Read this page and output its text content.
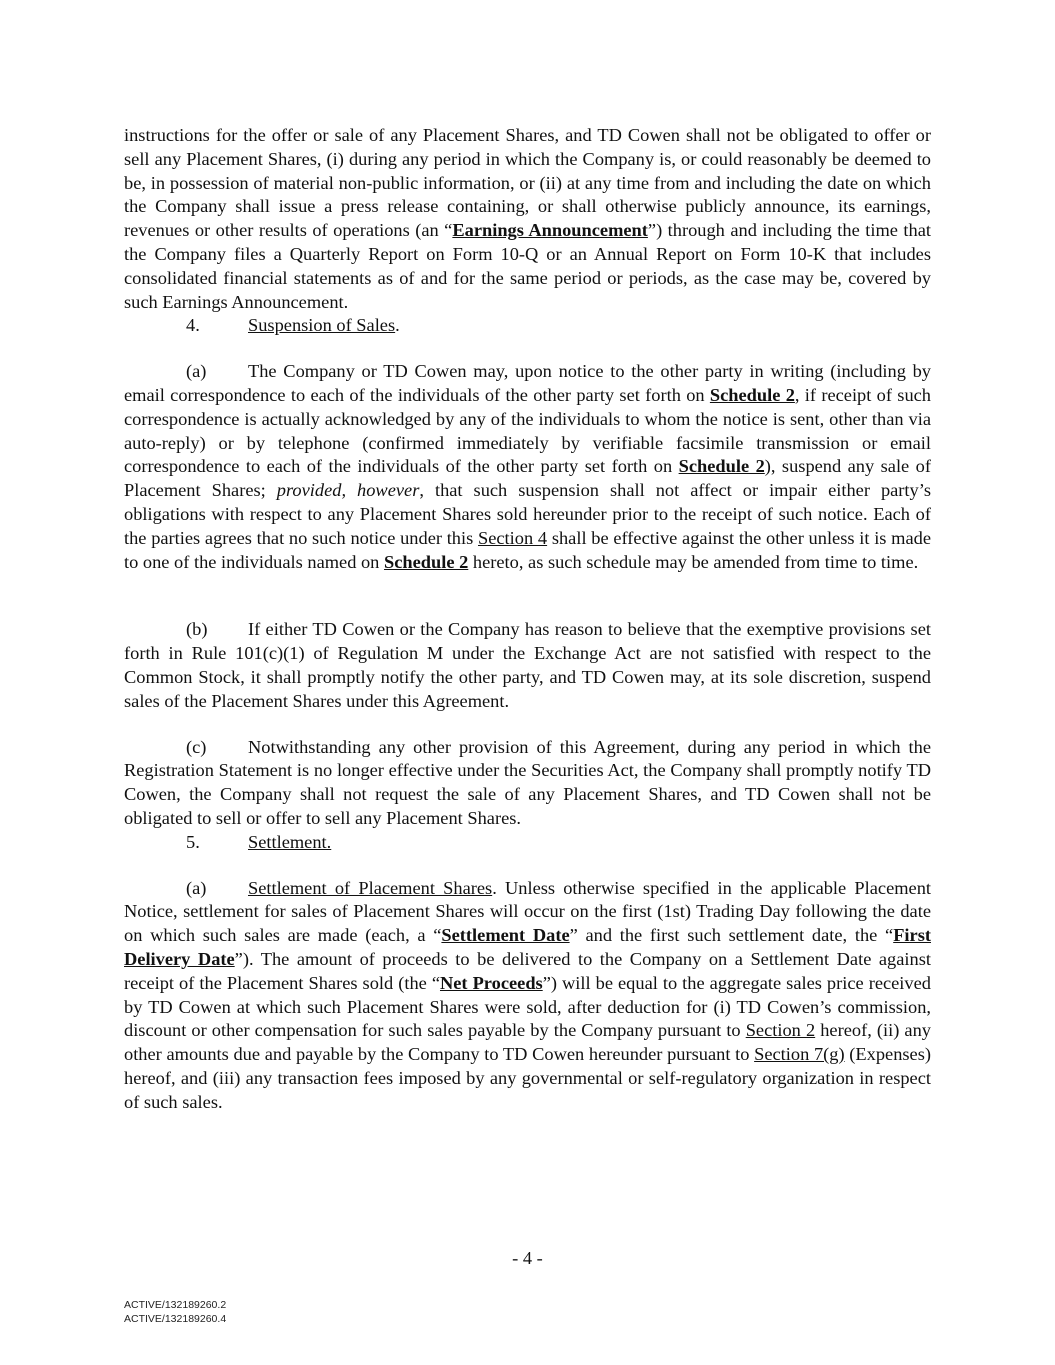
instructions for the offer or sale of any Placement Shares, and TD Cowen shall not be obligated to offer or sell any Placement Shares, (i) during any period in which the Company is, or could reasonably be deemed to be, in possession of material non-public information, or (ii) at any time from and including the date on which the Company shall issue a press release containing, or shall otherwise publicly announce, its earnings, revenues or other results of operations (an “Earnings Announcement”) through and including the time that the Company files a Quarterly Report on Form 10-Q or an Annual Report on Form 10-K that includes consolidated financial statements as of and for the same period or periods, as the case may be, covered by such Earnings Announcement.

4.	Suspension of Sales.

(a) The Company or TD Cowen may, upon notice to the other party in writing (including by email correspondence to each of the individuals of the other party set forth on Schedule 2, if receipt of such correspondence is actually acknowledged by any of the individuals to whom the notice is sent, other than via auto-reply) or by telephone (confirmed immediately by verifiable facsimile transmission or email correspondence to each of the individuals of the other party set forth on Schedule 2), suspend any sale of Placement Shares; provided, however, that such suspension shall not affect or impair either party’s obligations with respect to any Placement Shares sold hereunder prior to the receipt of such notice. Each of the parties agrees that no such notice under this Section 4 shall be effective against the other unless it is made to one of the individuals named on Schedule 2 hereto, as such schedule may be amended from time to time.

(b) If either TD Cowen or the Company has reason to believe that the exemptive provisions set forth in Rule 101(c)(1) of Regulation M under the Exchange Act are not satisfied with respect to the Common Stock, it shall promptly notify the other party, and TD Cowen may, at its sole discretion, suspend sales of the Placement Shares under this Agreement.

(c) Notwithstanding any other provision of this Agreement, during any period in which the Registration Statement is no longer effective under the Securities Act, the Company shall promptly notify TD Cowen, the Company shall not request the sale of any Placement Shares, and TD Cowen shall not be obligated to sell or offer to sell any Placement Shares.

5.	Settlement.

(a) Settlement of Placement Shares. Unless otherwise specified in the applicable Placement Notice, settlement for sales of Placement Shares will occur on the first (1st) Trading Day following the date on which such sales are made (each, a “Settlement Date” and the first such settlement date, the “First Delivery Date”). The amount of proceeds to be delivered to the Company on a Settlement Date against receipt of the Placement Shares sold (the “Net Proceeds”) will be equal to the aggregate sales price received by TD Cowen at which such Placement Shares were sold, after deduction for (i) TD Cowen’s commission, discount or other compensation for such sales payable by the Company pursuant to Section 2 hereof, (ii) any other amounts due and payable by the Company to TD Cowen hereunder pursuant to Section 7(g) (Expenses) hereof, and (iii) any transaction fees imposed by any governmental or self-regulatory organization in respect of such sales.

- 4 -
ACTIVE/132189260.2
ACTIVE/132189260.4
